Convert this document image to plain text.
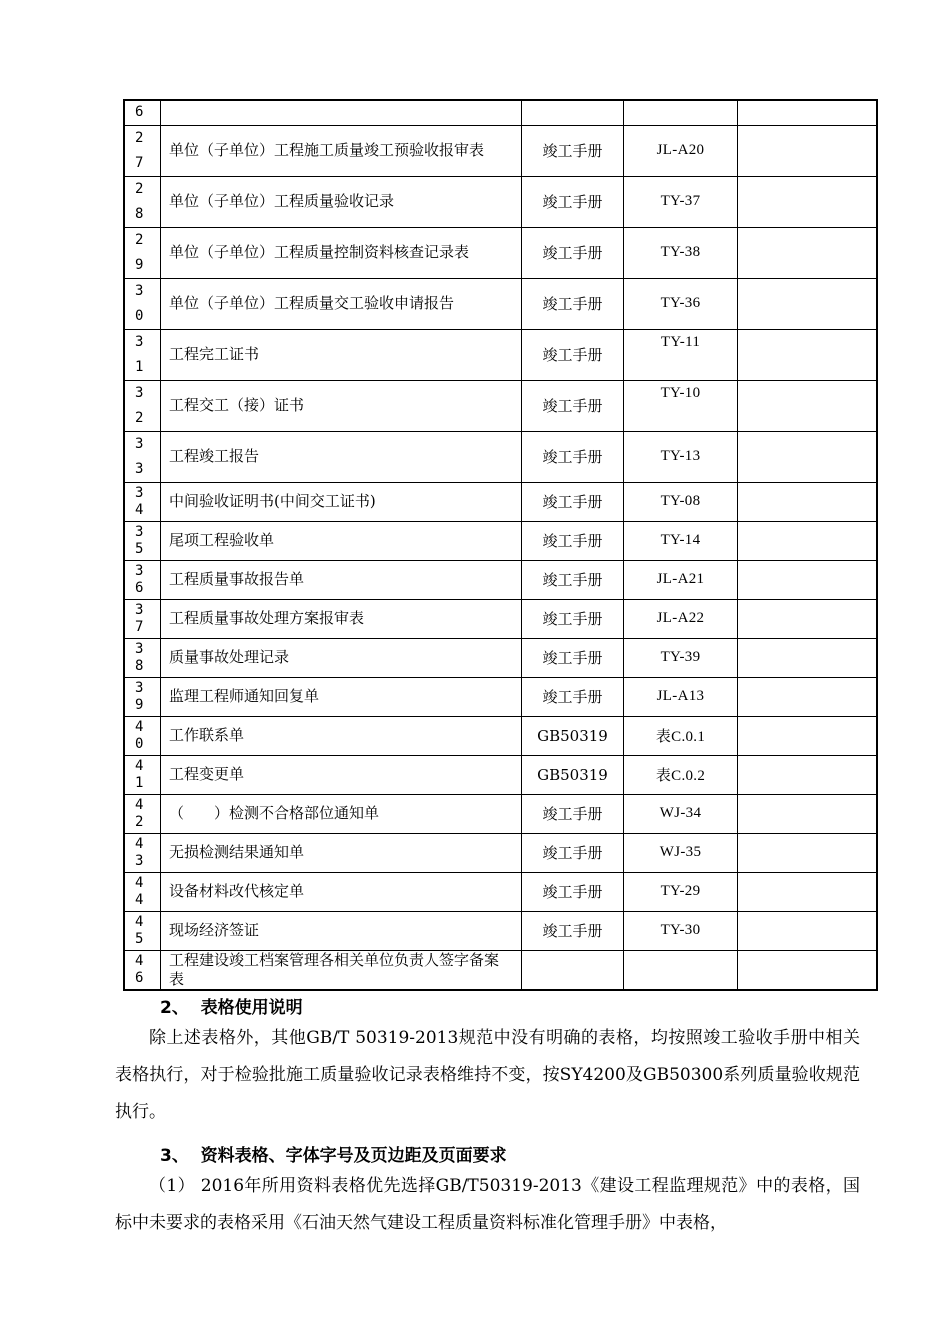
6				

27	单位（子单位）工程施工质量竣工预验收报审表	竣工手册	JL-A20	

28	单位（子单位）工程质量验收记录	竣工手册	TY-37	

29	单位（子单位）工程质量控制资料核查记录表	竣工手册	TY-38	

30	单位（子单位）工程质量交工验收申请报告	竣工手册	TY-36	

31	工程完工证书	竣工手册	TY-11	

32	工程交工（接）证书	竣工手册	TY-10	

33	工程竣工报告	竣工手册	TY-13	

34	中间验收证明书(中间交工证书)	竣工手册	TY-08	

35	尾项工程验收单	竣工手册	TY-14	

36	工程质量事故报告单	竣工手册	JL-A21	

37	工程质量事故处理方案报审表	竣工手册	JL-A22	

38	质量事故处理记录	竣工手册	TY-39	

39	监理工程师通知回复单	竣工手册	JL-A13	

40	工作联系单	GB50319	表C.0.1	

41	工程变更单	GB50319	表C.0.2	

42	（　　）检测不合格部位通知单	竣工手册	WJ-34	

43	无损检测结果通知单	竣工手册	WJ-35	

44	设备材料改代核定单	竣工手册	TY-29	

45	现场经济签证	竣工手册	TY-30	

46	工程建设竣工档案管理各相关单位负责人签字备案表			

2、  表格使用说明
除上述表格外，其他GB/T 50319-2013规范中没有明确的表格，均按照竣工验收手册中相关表格执行，对于检验批施工质量验收记录表格维持不变，按SY4200及GB50300系列质量验收规范执行。
3、  资料表格、字体字号及页边距及页面要求
（1） 2016年所用资料表格优先选择GB/T50319-2013《建设工程监理规范》中的表格，国标中未要求的表格采用《石油天然气建设工程质量资料标准化管理手册》中表格，
